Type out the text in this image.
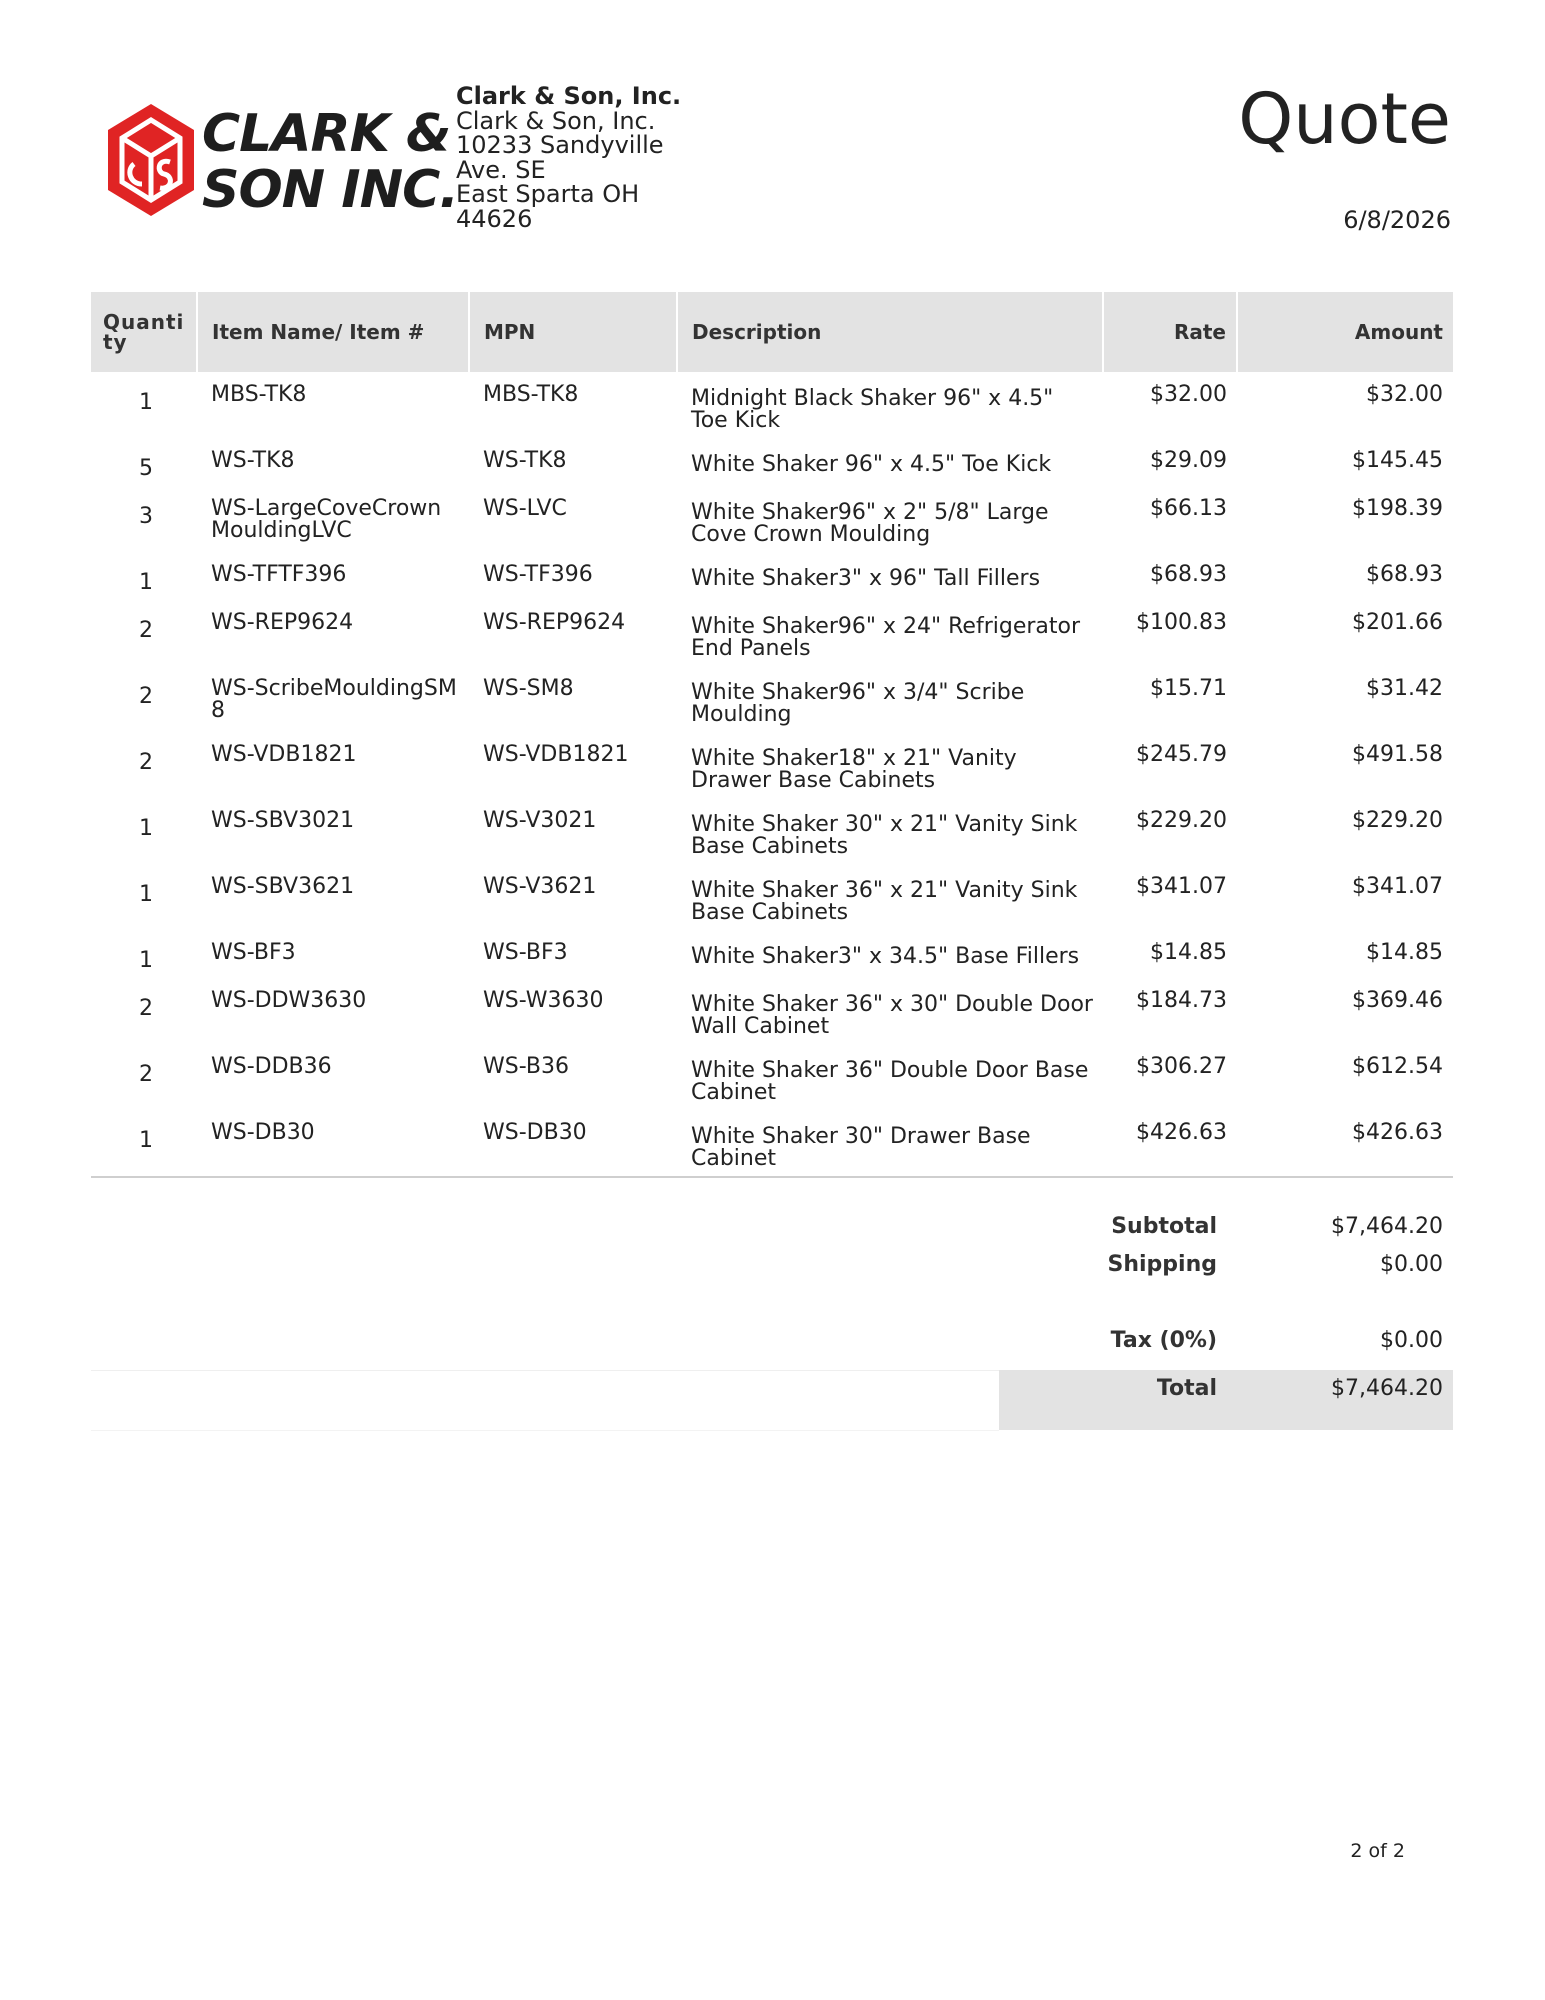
CLARK &
SON INC.
Clark & Son, Inc.
Clark & Son, Inc.
10233 Sandyville
Ave. SE
East Sparta OH
44626
Quote
6/8/2026
Quantity	Item Name/ Item #	MPN	Description	Rate	Amount
1	MBS-TK8	MBS-TK8	Midnight Black Shaker 96" x 4.5" Toe Kick	$32.00	$32.00
5	WS-TK8	WS-TK8	White Shaker 96" x 4.5" Toe Kick	$29.09	$145.45
3	WS-LargeCoveCrownMouldingLVC	WS-LVC	White Shaker96" x 2" 5/8" Large Cove Crown Moulding	$66.13	$198.39
1	WS-TFTF396	WS-TF396	White Shaker3" x 96" Tall Fillers	$68.93	$68.93
2	WS-REP9624	WS-REP9624	White Shaker96" x 24" Refrigerator End Panels	$100.83	$201.66
2	WS-ScribeMouldingSM8	WS-SM8	White Shaker96" x 3/4" Scribe Moulding	$15.71	$31.42
2	WS-VDB1821	WS-VDB1821	White Shaker18" x 21" Vanity Drawer Base Cabinets	$245.79	$491.58
1	WS-SBV3021	WS-V3021	White Shaker 30" x 21" Vanity Sink Base Cabinets	$229.20	$229.20
1	WS-SBV3621	WS-V3621	White Shaker 36" x 21" Vanity Sink Base Cabinets	$341.07	$341.07
1	WS-BF3	WS-BF3	White Shaker3" x 34.5" Base Fillers	$14.85	$14.85
2	WS-DDW3630	WS-W3630	White Shaker 36" x 30" Double Door Wall Cabinet	$184.73	$369.46
2	WS-DDB36	WS-B36	White Shaker 36" Double Door Base Cabinet	$306.27	$612.54
1	WS-DB30	WS-DB30	White Shaker 30" Drawer Base Cabinet	$426.63	$426.63
Subtotal	$7,464.20
Shipping	$0.00
Tax (0%)	$0.00
Total	$7,464.20
2 of 2
